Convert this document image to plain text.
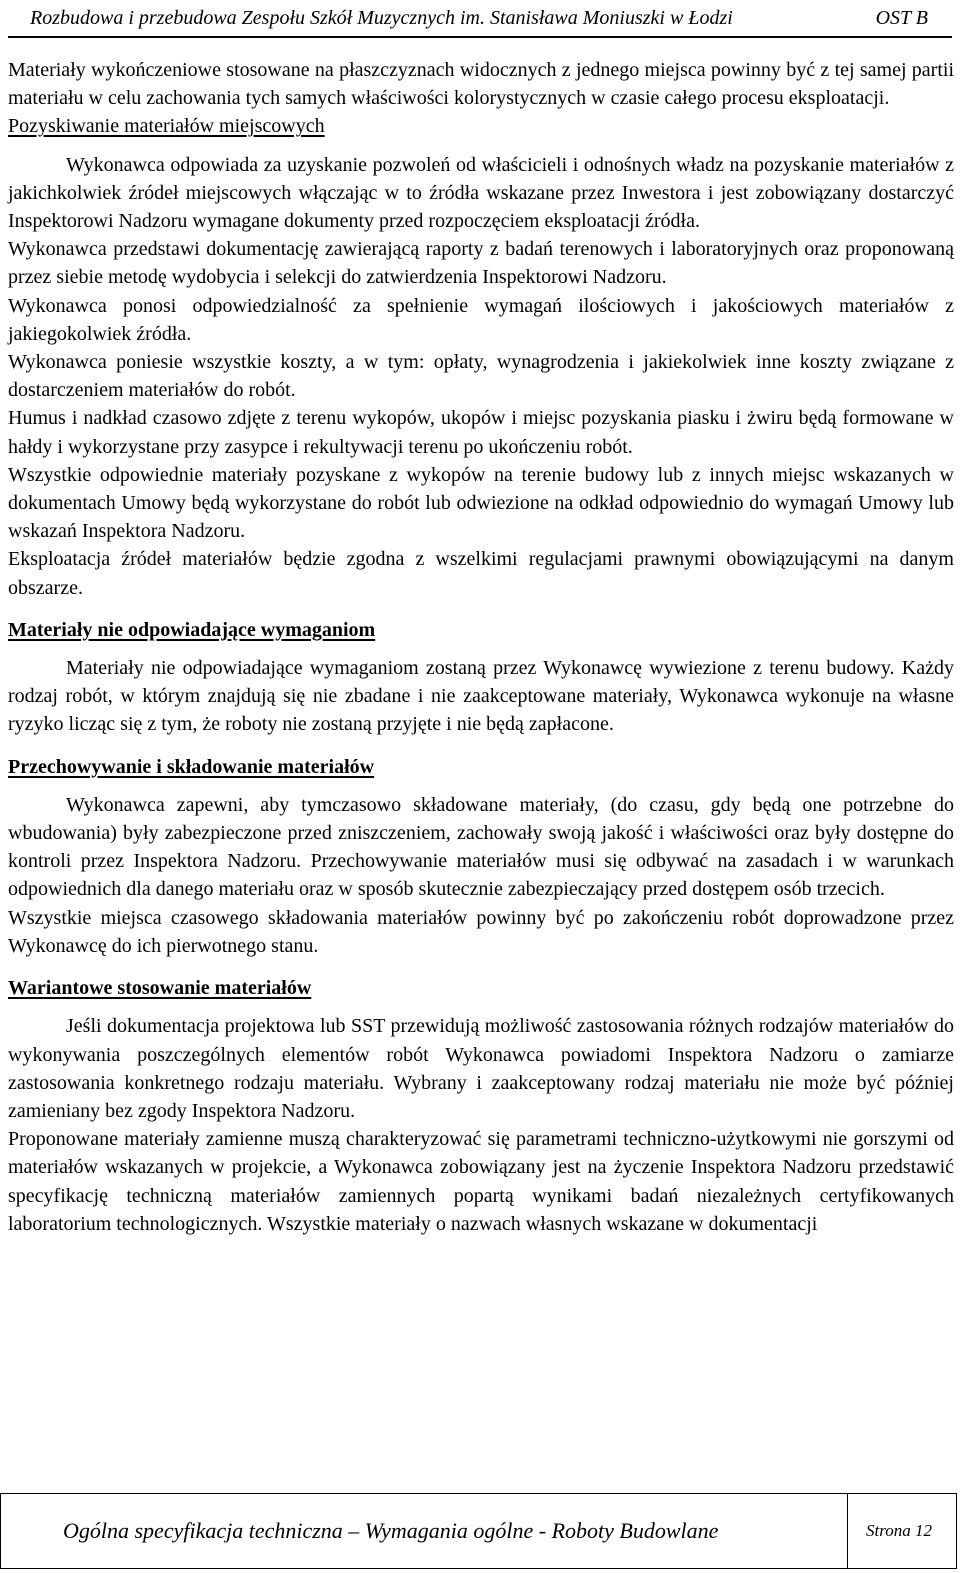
Rozbudowa i przebudowa Zespołu Szkół Muzycznych im. Stanisława Moniuszki w Łodzi	OST B

Materiały wykończeniowe stosowane na płaszczyznach widocznych z jednego miejsca powinny być z tej samej partii materiału w celu zachowania tych samych właściwości kolorystycznych w czasie całego procesu eksploatacji.

Pozyskiwanie materiałów miejscowych

Wykonawca odpowiada za uzyskanie pozwoleń od właścicieli i odnośnych władz na pozyskanie materiałów z jakichkolwiek źródeł miejscowych włączając w to źródła wskazane przez Inwestora i jest zobowiązany dostarczyć Inspektorowi Nadzoru wymagane dokumenty przed rozpoczęciem eksploatacji źródła.

Wykonawca przedstawi dokumentację zawierającą raporty z badań terenowych i laboratoryjnych oraz proponowaną przez siebie metodę wydobycia i selekcji do zatwierdzenia Inspektorowi Nadzoru.

Wykonawca ponosi odpowiedzialność za spełnienie wymagań ilościowych i jakościowych materiałów z jakiegokolwiek źródła.

Wykonawca poniesie wszystkie koszty, a w tym: opłaty, wynagrodzenia i jakiekolwiek inne koszty związane z dostarczeniem materiałów do robót.

Humus i nadkład czasowo zdjęte z terenu wykopów, ukopów i miejsc pozyskania piasku i żwiru będą formowane w hałdy i wykorzystane przy zasypce i rekultywacji terenu po ukończeniu robót.

Wszystkie odpowiednie materiały pozyskane z wykopów na terenie budowy lub z innych miejsc wskazanych w dokumentach Umowy będą wykorzystane do robót lub odwiezione na odkład odpowiednio do wymagań Umowy lub wskazań Inspektora Nadzoru.

Eksploatacja źródeł materiałów będzie zgodna z wszelkimi regulacjami prawnymi obowiązującymi na danym obszarze.

Materiały nie odpowiadające wymaganiom

Materiały nie odpowiadające wymaganiom zostaną przez Wykonawcę wywiezione z terenu budowy. Każdy rodzaj robót, w którym znajdują się nie zbadane i nie zaakceptowane materiały, Wykonawca wykonuje na własne ryzyko licząc się z tym, że roboty nie zostaną przyjęte i nie będą zapłacone.

Przechowywanie i składowanie materiałów

Wykonawca zapewni, aby tymczasowo składowane materiały, (do czasu, gdy będą one potrzebne do wbudowania) były zabezpieczone przed zniszczeniem, zachowały swoją jakość i właściwości oraz były dostępne do kontroli przez Inspektora Nadzoru. Przechowywanie materiałów musi się odbywać na zasadach i w warunkach odpowiednich dla danego materiału oraz w sposób skutecznie zabezpieczający przed dostępem osób trzecich.

Wszystkie miejsca czasowego składowania materiałów powinny być po zakończeniu robót doprowadzone przez Wykonawcę do ich pierwotnego stanu.

Wariantowe stosowanie materiałów

Jeśli dokumentacja projektowa lub SST przewidują możliwość zastosowania różnych rodzajów materiałów do wykonywania poszczególnych elementów robót Wykonawca powiadomi Inspektora Nadzoru o zamiarze zastosowania konkretnego rodzaju materiału. Wybrany i zaakceptowany rodzaj materiału nie może być później zamieniany bez zgody Inspektora Nadzoru.

Proponowane materiały zamienne muszą charakteryzować się parametrami techniczno-użytkowymi nie gorszymi od materiałów wskazanych w projekcie, a Wykonawca zobowiązany jest na życzenie Inspektora Nadzoru przedstawić specyfikację techniczną materiałów zamiennych popartą wynikami badań niezależnych certyfikowanych laboratorium technologicznych. Wszystkie materiały o nazwach własnych wskazane w dokumentacji

Ogólna specyfikacja techniczna – Wymagania ogólne - Roboty Budowlane	Strona 12
